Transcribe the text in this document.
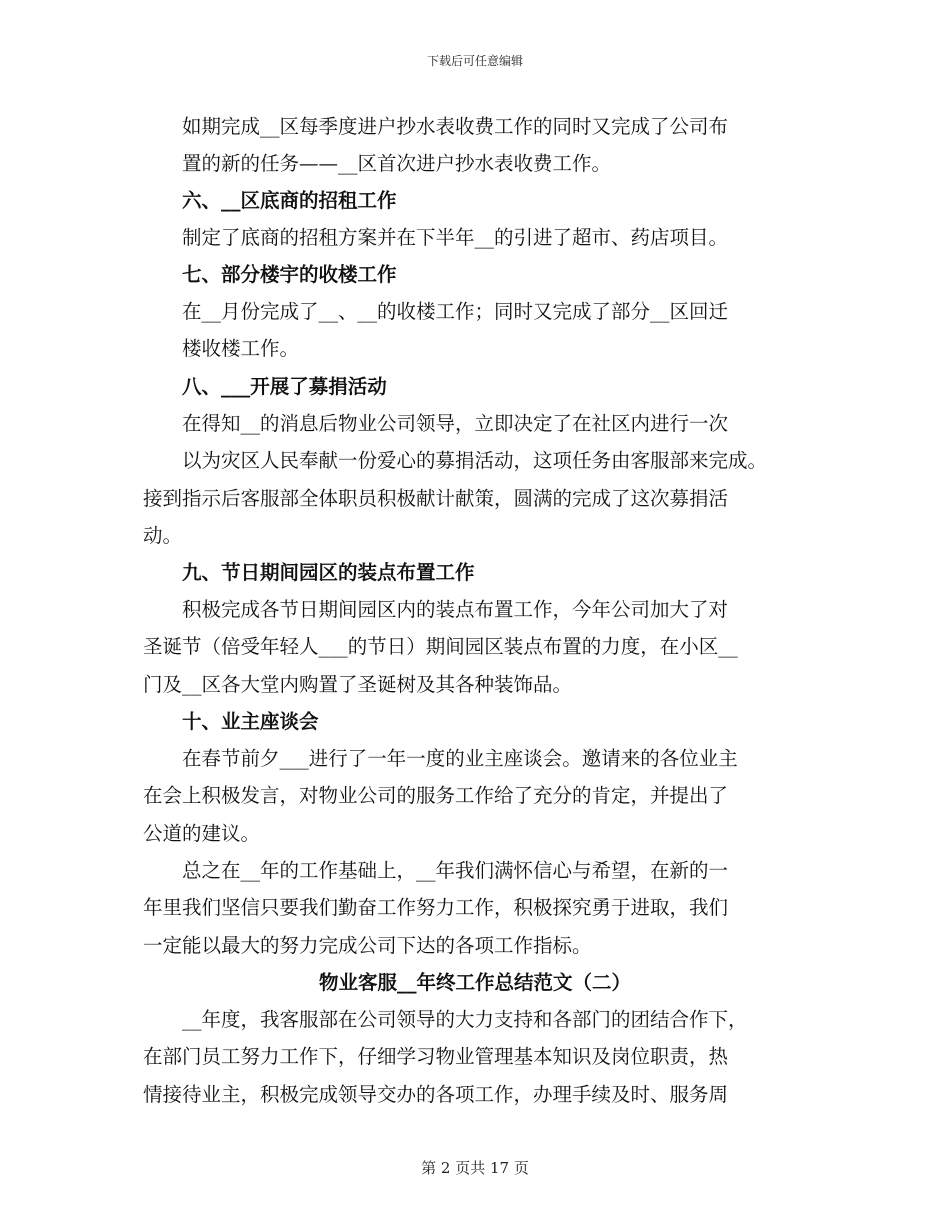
下载后可任意编辑
如期完成__区每季度进户抄水表收费工作的同时又完成了公司布
置的新的任务——__区首次进户抄水表收费工作。
六、__区底商的招租工作
制定了底商的招租方案并在下半年__的引进了超市、药店项目。
七、部分楼宇的收楼工作
在__月份完成了__、__的收楼工作；同时又完成了部分__区回迁
楼收楼工作。
八、___开展了募捐活动
在得知__的消息后物业公司领导，立即决定了在社区内进行一次
以为灾区人民奉献一份爱心的募捐活动，这项任务由客服部来完成。
接到指示后客服部全体职员积极献计献策，圆满的完成了这次募捐活
动。
九、节日期间园区的装点布置工作
积极完成各节日期间园区内的装点布置工作，今年公司加大了对
圣诞节（倍受年轻人___的节日）期间园区装点布置的力度，在小区__
门及__区各大堂内购置了圣诞树及其各种装饰品。
十、业主座谈会
在春节前夕___进行了一年一度的业主座谈会。邀请来的各位业主
在会上积极发言，对物业公司的服务工作给了充分的肯定，并提出了
公道的建议。
总之在__年的工作基础上，__年我们满怀信心与希望，在新的一
年里我们坚信只要我们勤奋工作努力工作，积极探究勇于进取，我们
一定能以最大的努力完成公司下达的各项工作指标。
物业客服__年终工作总结范文（二）
__年度，我客服部在公司领导的大力支持和各部门的团结合作下，
在部门员工努力工作下，仔细学习物业管理基本知识及岗位职责，热
情接待业主，积极完成领导交办的各项工作，办理手续及时、服务周
第 2 页共 17 页
